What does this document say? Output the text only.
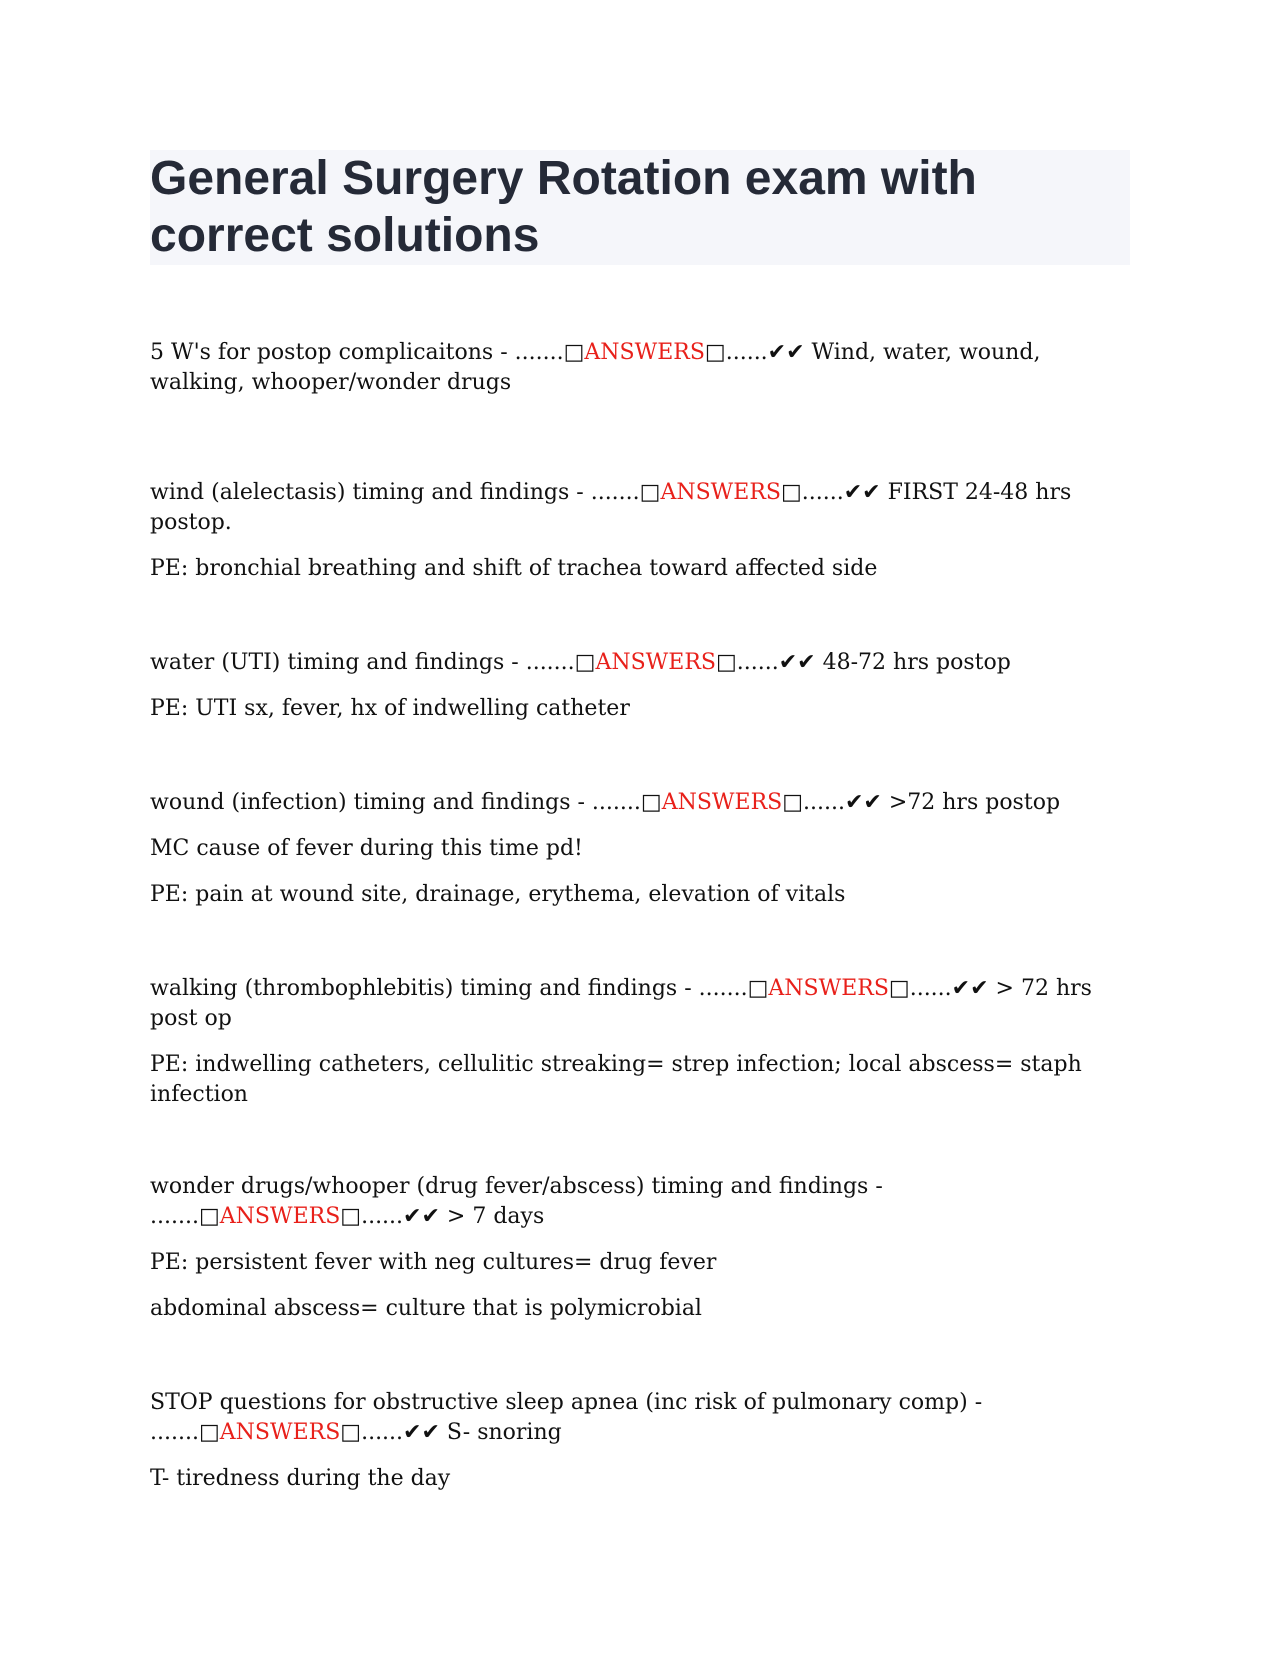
General Surgery Rotation exam with
correct solutions

5 W's for postop complicaitons - .......□ANSWERS□......✔✔ Wind, water, wound, walking, whooper/wonder drugs

wind (alelectasis) timing and findings - .......□ANSWERS□......✔✔ FIRST 24-48 hrs postop.

PE: bronchial breathing and shift of trachea toward affected side

water (UTI) timing and findings - .......□ANSWERS□......✔✔ 48-72 hrs postop

PE: UTI sx, fever, hx of indwelling catheter

wound (infection) timing and findings - .......□ANSWERS□......✔✔ >72 hrs postop

MC cause of fever during this time pd!

PE: pain at wound site, drainage, erythema, elevation of vitals

walking (thrombophlebitis) timing and findings - .......□ANSWERS□......✔✔ > 72 hrs post op

PE: indwelling catheters, cellulitic streaking= strep infection; local abscess= staph infection

wonder drugs/whooper (drug fever/abscess) timing and findings - .......□ANSWERS□......✔✔ > 7 days

PE: persistent fever with neg cultures= drug fever

abdominal abscess= culture that is polymicrobial

STOP questions for obstructive sleep apnea (inc risk of pulmonary comp) - .......□ANSWERS□......✔✔ S- snoring

T- tiredness during the day
